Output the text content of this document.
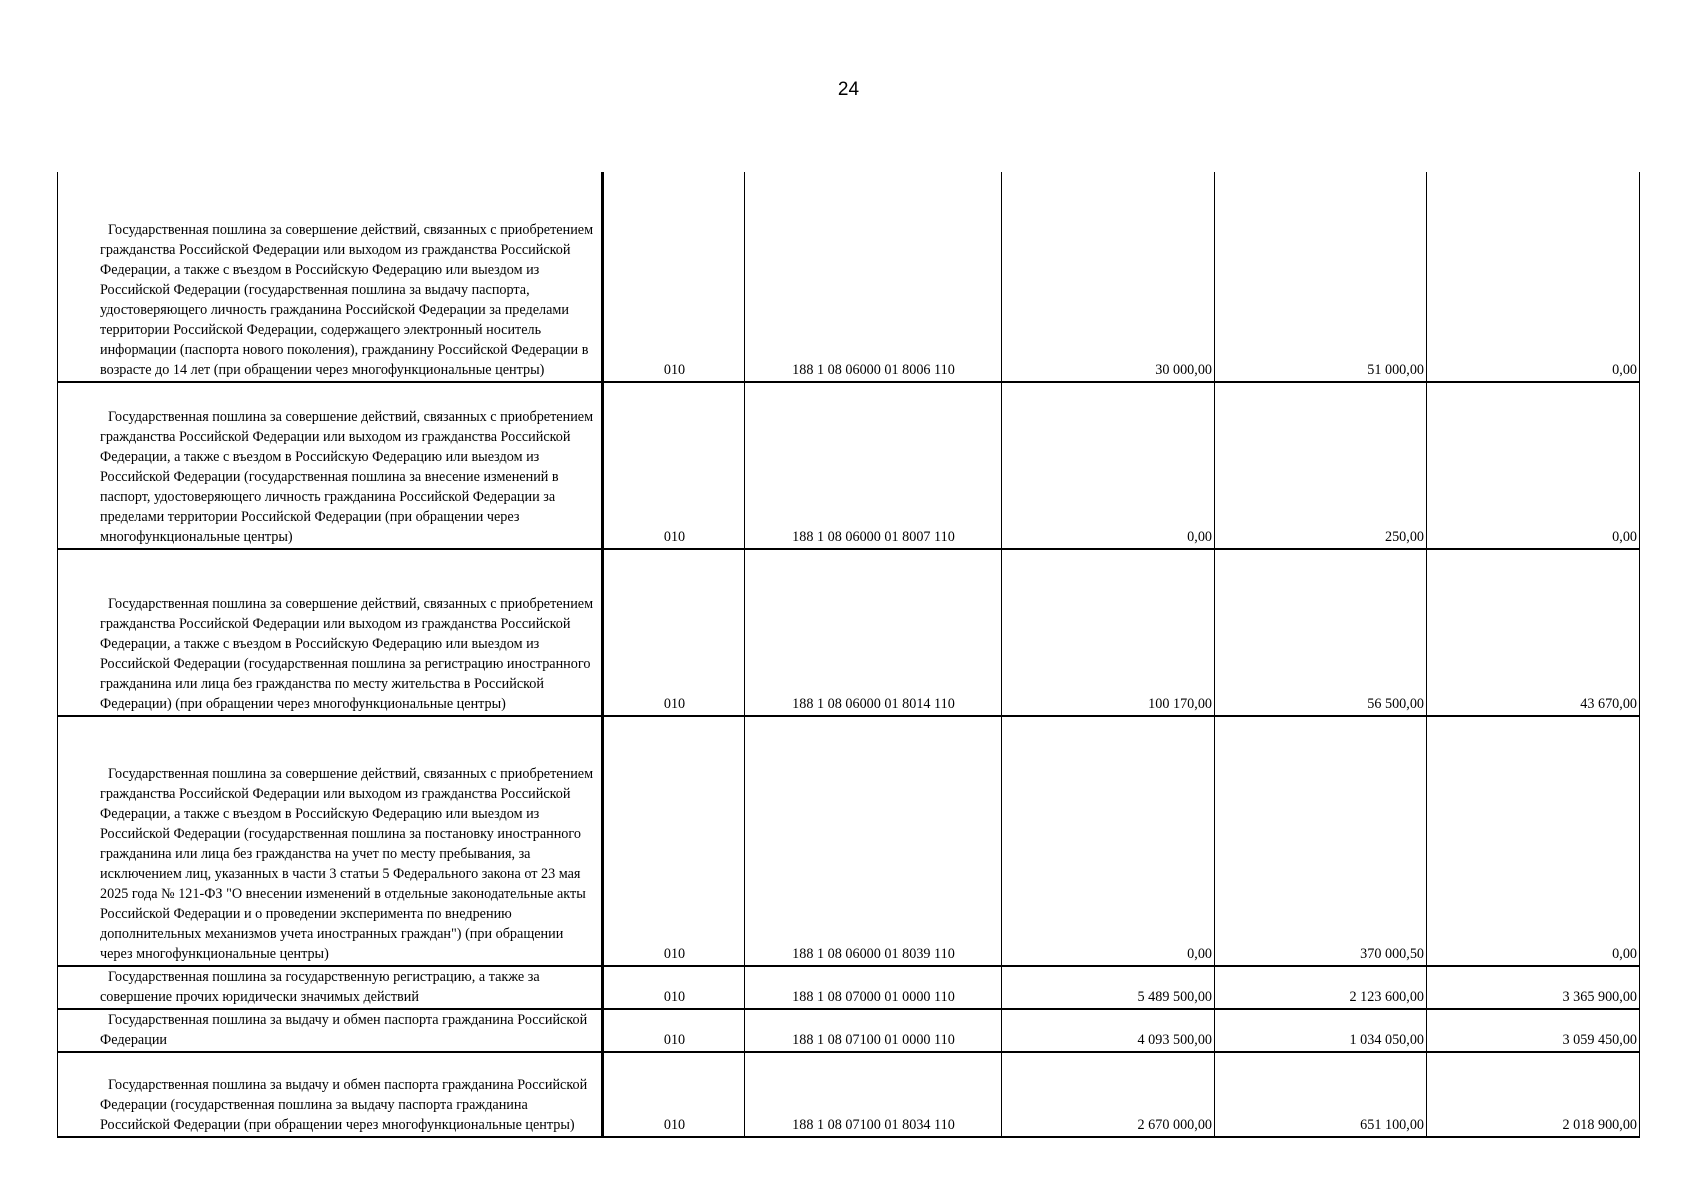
24
Государственная пошлина за совершение действий, связанных с приобретением гражданства Российской Федерации или выходом из гражданства Российской Федерации, а также с въездом в Российскую Федерацию или выездом из Российской Федерации (государственная пошлина за выдачу паспорта, удостоверяющего личность гражданина Российской Федерации за пределами территории Российской Федерации, содержащего электронный носитель информации (паспорта нового поколения), гражданину Российской Федерации в возрасте до 14 лет (при обращении через многофункциональные центры)	010	188 1 08 06000 01 8006 110	30 000,00	51 000,00	0,00

Государственная пошлина за совершение действий, связанных с приобретением гражданства Российской Федерации или выходом из гражданства Российской Федерации, а также с въездом в Российскую Федерацию или выездом из Российской Федерации (государственная пошлина за внесение изменений в паспорт, удостоверяющего личность гражданина Российской Федерации за пределами территории Российской Федерации (при обращении через многофункциональные центры)	010	188 1 08 06000 01 8007 110	0,00	250,00	0,00

Государственная пошлина за совершение действий, связанных с приобретением гражданства Российской Федерации или выходом из гражданства Российской Федерации, а также с въездом в Российскую Федерацию или выездом из Российской Федерации (государственная пошлина за регистрацию иностранного гражданина или лица без гражданства по месту жительства в Российской Федерации) (при обращении через многофункциональные центры)	010	188 1 08 06000 01 8014 110	100 170,00	56 500,00	43 670,00

Государственная пошлина за совершение действий, связанных с приобретением гражданства Российской Федерации или выходом из гражданства Российской Федерации, а также с въездом в Российскую Федерацию или выездом из Российской Федерации (государственная пошлина за постановку иностранного гражданина или лица без гражданства на учет по месту пребывания, за исключением лиц, указанных в части 3 статьи 5 Федерального закона от 23 мая 2025 года № 121-ФЗ "О внесении изменений в отдельные законодательные акты Российской Федерации и о проведении эксперимента по внедрению дополнительных механизмов учета иностранных граждан") (при обращении через многофункциональные центры)	010	188 1 08 06000 01 8039 110	0,00	370 000,50	0,00

Государственная пошлина за государственную регистрацию, а также за совершение прочих юридически значимых действий	010	188 1 08 07000 01 0000 110	5 489 500,00	2 123 600,00	3 365 900,00

Государственная пошлина за выдачу и обмен паспорта гражданина Российской Федерации	010	188 1 08 07100 01 0000 110	4 093 500,00	1 034 050,00	3 059 450,00

Государственная пошлина за выдачу и обмен паспорта гражданина Российской Федерации (государственная пошлина за выдачу паспорта гражданина Российской Федерации (при обращении через многофункциональные центры)	010	188 1 08 07100 01 8034 110	2 670 000,00	651 100,00	2 018 900,00
